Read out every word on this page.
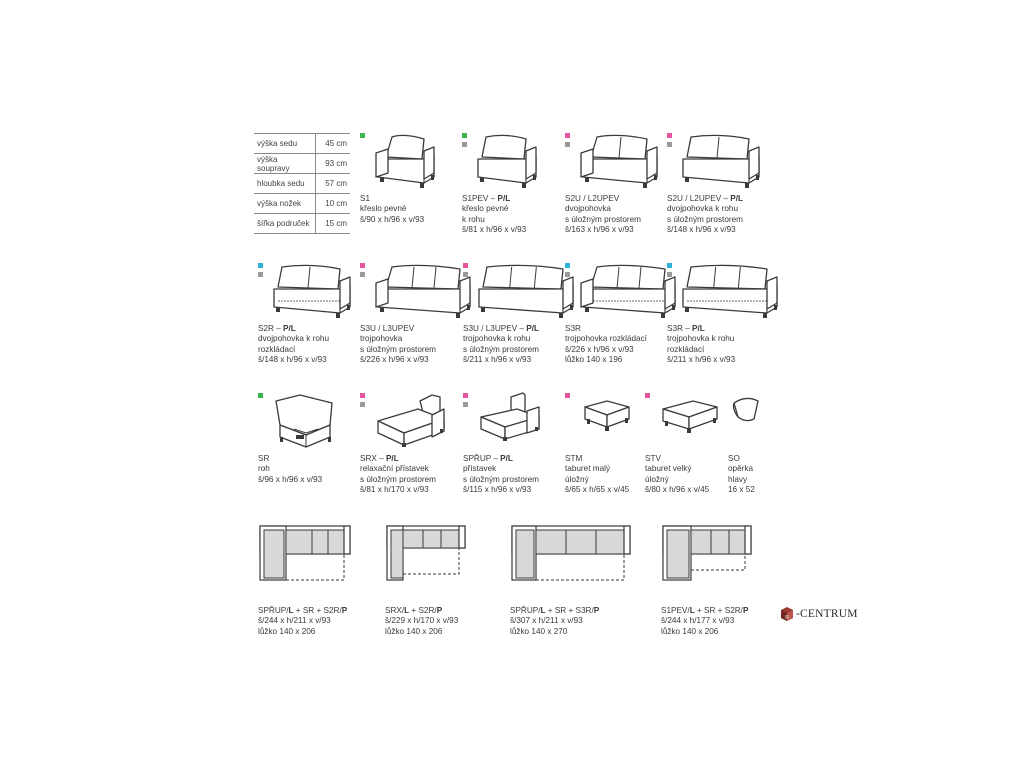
výška sedu	45 cm
výška soupravy	93 cm
hloubka sedu	57 cm
výška nožek	10 cm
šířka područek	15 cm
S1
křeslo pevné
š/90 x h/96 x v/93
S1PEV – P/L
křeslo pevné
k rohu
š/81 x h/96 x v/93
S2U / L2UPEV
dvojpohovka
s úložným prostorem
š/163 x h/96 x v/93
S2U / L2UPEV – P/L
dvojpohovka k rohu
s úložným prostorem
š/148 x h/96 x v/93
S2R – P/L
dvojpohovka k rohu
rozkládací
š/148 x h/96 x v/93
S3U / L3UPEV
trojpohovka
s úložným prostorem
š/226 x h/96 x v/93
S3U / L3UPEV – P/L
trojpohovka k rohu
s úložným prostorem
š/211 x h/96 x v/93
S3R
trojpohovka rozkládací
š/226 x h/96 x v/93
lůžko 140 x 196
S3R – P/L
trojpohovka k rohu
rozkládací
š/211 x h/96 x v/93
SR
roh
š/96 x h/96 x v/93
SRX – P/L
relaxační přístavek
s úložným prostorem
š/81 x h/170 x v/93
SPŘUP – P/L
přístavek
s úložným prostorem
š/115 x h/96 x v/93
STM
taburet malý
úložný
š/65 x h/65 x v/45
STV
taburet velký
úložný
š/80 x h/96 x v/45
SO
opěrka
hlavy
16 x 52
SPŘUP/L + SR + S2R/P
š/244 x h/211 x v/93
lůžko 140 x 206
SRX/L + S2R/P
š/229 x h/170 x v/93
lůžko 140 x 206
SPŘUP/L + SR + S3R/P
š/307 x h/211 x v/93
lůžko 140 x 270
S1PEV/L + SR + S2R/P
š/244 x h/177 x v/93
lůžko 140 x 206
-CENTRUM
